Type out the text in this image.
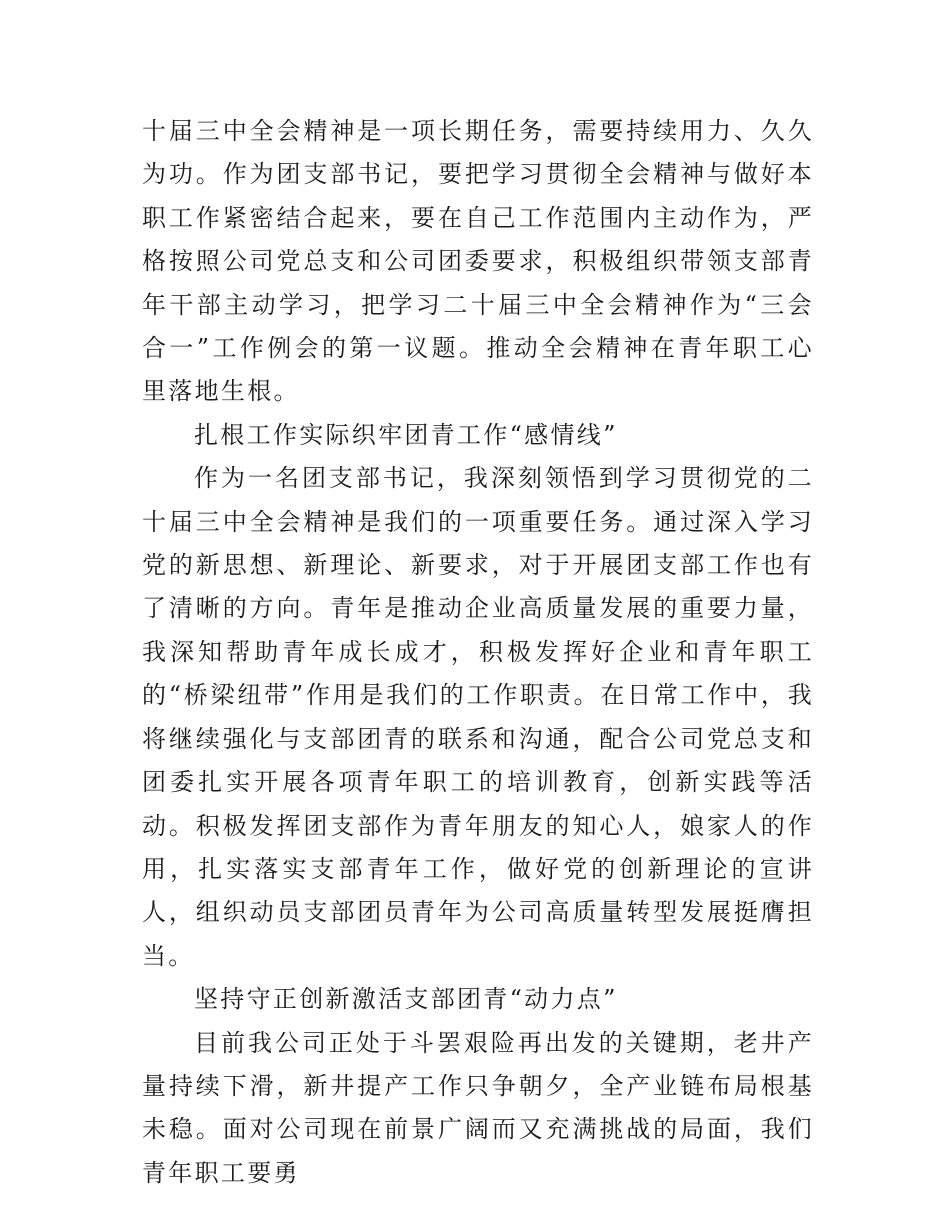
十届三中全会精神是一项长期任务，需要持续用力、久久为功。作为团支部书记，要把学习贯彻全会精神与做好本职工作紧密结合起来，要在自己工作范围内主动作为，严格按照公司党总支和公司团委要求，积极组织带领支部青年干部主动学习，把学习二十届三中全会精神作为“三会合一”工作例会的第一议题。推动全会精神在青年职工心里落地生根。

扎根工作实际织牢团青工作“感情线”

作为一名团支部书记，我深刻领悟到学习贯彻党的二十届三中全会精神是我们的一项重要任务。通过深入学习党的新思想、新理论、新要求，对于开展团支部工作也有了清晰的方向。青年是推动企业高质量发展的重要力量，我深知帮助青年成长成才，积极发挥好企业和青年职工的“桥梁纽带”作用是我们的工作职责。在日常工作中，我将继续强化与支部团青的联系和沟通，配合公司党总支和团委扎实开展各项青年职工的培训教育，创新实践等活动。积极发挥团支部作为青年朋友的知心人，娘家人的作用，扎实落实支部青年工作，做好党的创新理论的宣讲人，组织动员支部团员青年为公司高质量转型发展挺膺担当。

坚持守正创新激活支部团青“动力点”

目前我公司正处于斗罢艰险再出发的关键期，老井产量持续下滑，新井提产工作只争朝夕，全产业链布局根基未稳。面对公司现在前景广阔而又充满挑战的局面，我们青年职工要勇
